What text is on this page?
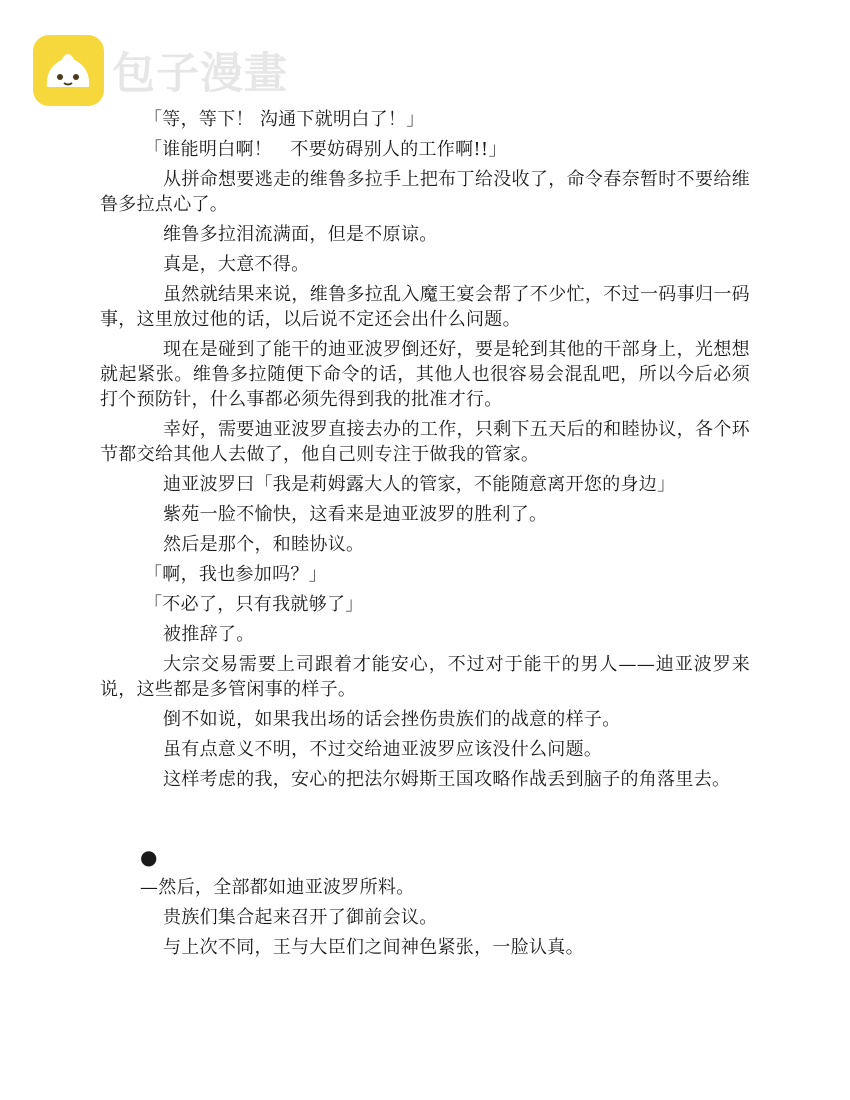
包子漫畫

「等，等下！ 沟通下就明白了！」

「谁能明白啊！　不要妨碍别人的工作啊!!」

从拼命想要逃走的维鲁多拉手上把布丁给没收了，命令春奈暂时不要给维鲁多拉点心了。

维鲁多拉泪流满面，但是不原谅。

真是，大意不得。

虽然就结果来说，维鲁多拉乱入魔王宴会帮了不少忙，不过一码事归一码事，这里放过他的话，以后说不定还会出什么问题。

现在是碰到了能干的迪亚波罗倒还好，要是轮到其他的干部身上，光想想就起紧张。维鲁多拉随便下命令的话，其他人也很容易会混乱吧，所以今后必须打个预防针，什么事都必须先得到我的批准才行。

幸好，需要迪亚波罗直接去办的工作，只剩下五天后的和睦协议，各个环节都交给其他人去做了，他自己则专注于做我的管家。

迪亚波罗曰「我是莉姆露大人的管家，不能随意离开您的身边」

紫苑一脸不愉快，这看来是迪亚波罗的胜利了。

然后是那个，和睦协议。

「啊，我也参加吗？」

「不必了，只有我就够了」

被推辞了。

大宗交易需要上司跟着才能安心，不过对于能干的男人——迪亚波罗来说，这些都是多管闲事的样子。

倒不如说，如果我出场的话会挫伤贵族们的战意的样子。

虽有点意义不明，不过交给迪亚波罗应该没什么问题。

这样考虑的我，安心的把法尔姆斯王国攻略作战丢到脑子的角落里去。

●

—然后，全部都如迪亚波罗所料。

贵族们集合起来召开了御前会议。

与上次不同，王与大臣们之间神色紧张，一脸认真。
